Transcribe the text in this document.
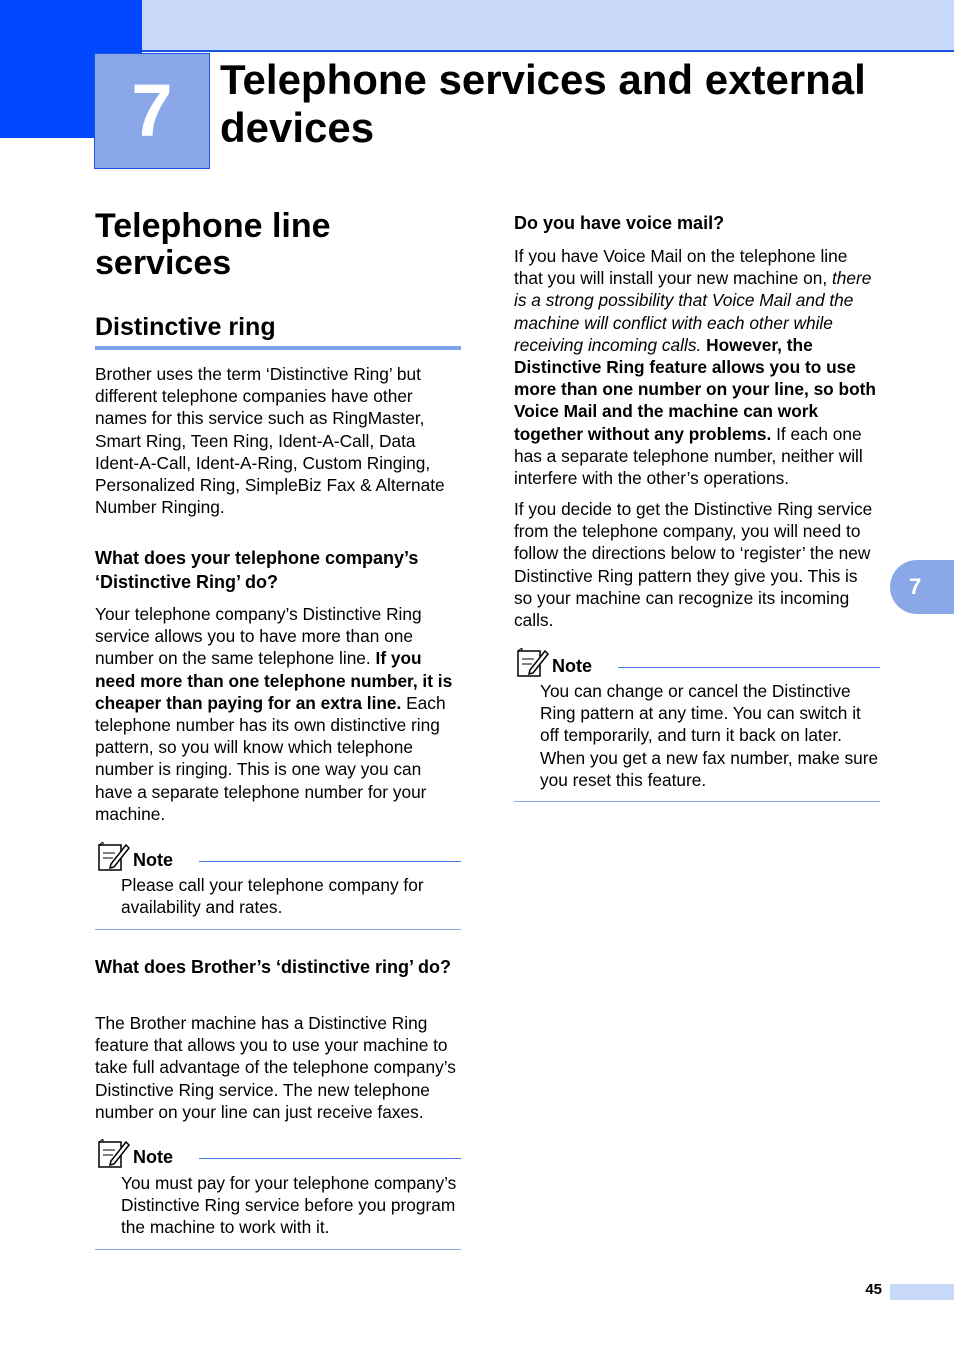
7	Telephone services and external devices
Telephone line services
Distinctive ring
Brother uses the term ‘Distinctive Ring’ but different telephone companies have other names for this service such as RingMaster, Smart Ring, Teen Ring, Ident-A-Call, Data Ident-A-Call, Ident-A-Ring, Custom Ringing, Personalized Ring, SimpleBiz Fax & Alternate Number Ringing.
What does your telephone company’s ‘Distinctive Ring’ do?
Your telephone company’s Distinctive Ring service allows you to have more than one number on the same telephone line. If you need more than one telephone number, it is cheaper than paying for an extra line. Each telephone number has its own distinctive ring pattern, so you will know which telephone number is ringing. This is one way you can have a separate telephone number for your machine.
Note
Please call your telephone company for availability and rates.
What does Brother’s ‘distinctive ring’ do?
The Brother machine has a Distinctive Ring feature that allows you to use your machine to take full advantage of the telephone company’s Distinctive Ring service. The new telephone number on your line can just receive faxes.
Note
You must pay for your telephone company’s Distinctive Ring service before you program the machine to work with it.
Do you have voice mail?
If you have Voice Mail on the telephone line that you will install your new machine on, there is a strong possibility that Voice Mail and the machine will conflict with each other while receiving incoming calls. However, the Distinctive Ring feature allows you to use more than one number on your line, so both Voice Mail and the machine can work together without any problems. If each one has a separate telephone number, neither will interfere with the other’s operations.
If you decide to get the Distinctive Ring service from the telephone company, you will need to follow the directions below to ‘register’ the new Distinctive Ring pattern they give you. This is so your machine can recognize its incoming calls.
Note
You can change or cancel the Distinctive Ring pattern at any time. You can switch it off temporarily, and turn it back on later. When you get a new fax number, make sure you reset this feature.
7
45
